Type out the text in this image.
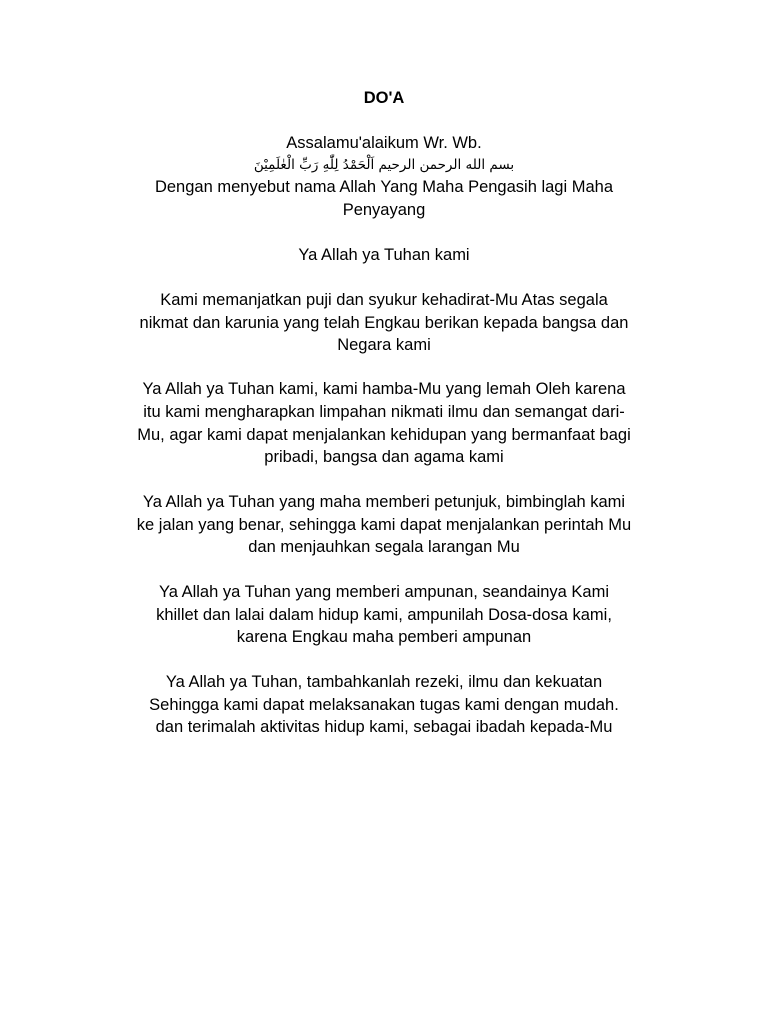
DO'A
Assalamu'alaikum Wr. Wb.
بسم الله الرحمن الرحيم اَلْحَمْدُ لِلّٰهِ رَبِّ الْعٰلَمِيْنَ
Dengan menyebut nama Allah Yang Maha Pengasih lagi Maha
Penyayang
Ya Allah ya Tuhan kami
Kami memanjatkan puji dan syukur kehadirat-Mu Atas segala
nikmat dan karunia yang telah Engkau berikan kepada bangsa dan
Negara kami
Ya Allah ya Tuhan kami, kami hamba-Mu yang lemah Oleh karena
itu kami mengharapkan limpahan nikmati ilmu dan semangat dari-
Mu, agar kami dapat menjalankan kehidupan yang bermanfaat bagi
pribadi, bangsa dan agama kami
Ya Allah ya Tuhan yang maha memberi petunjuk, bimbinglah kami
ke jalan yang benar, sehingga kami dapat menjalankan perintah Mu
dan menjauhkan segala larangan Mu
Ya Allah ya Tuhan yang memberi ampunan, seandainya Kami
khillet dan lalai dalam hidup kami, ampunilah Dosa-dosa kami,
karena Engkau maha pemberi ampunan
Ya Allah ya Tuhan, tambahkanlah rezeki, ilmu dan kekuatan
Sehingga kami dapat melaksanakan tugas kami dengan mudah.
dan terimalah aktivitas hidup kami, sebagai ibadah kepada-Mu
